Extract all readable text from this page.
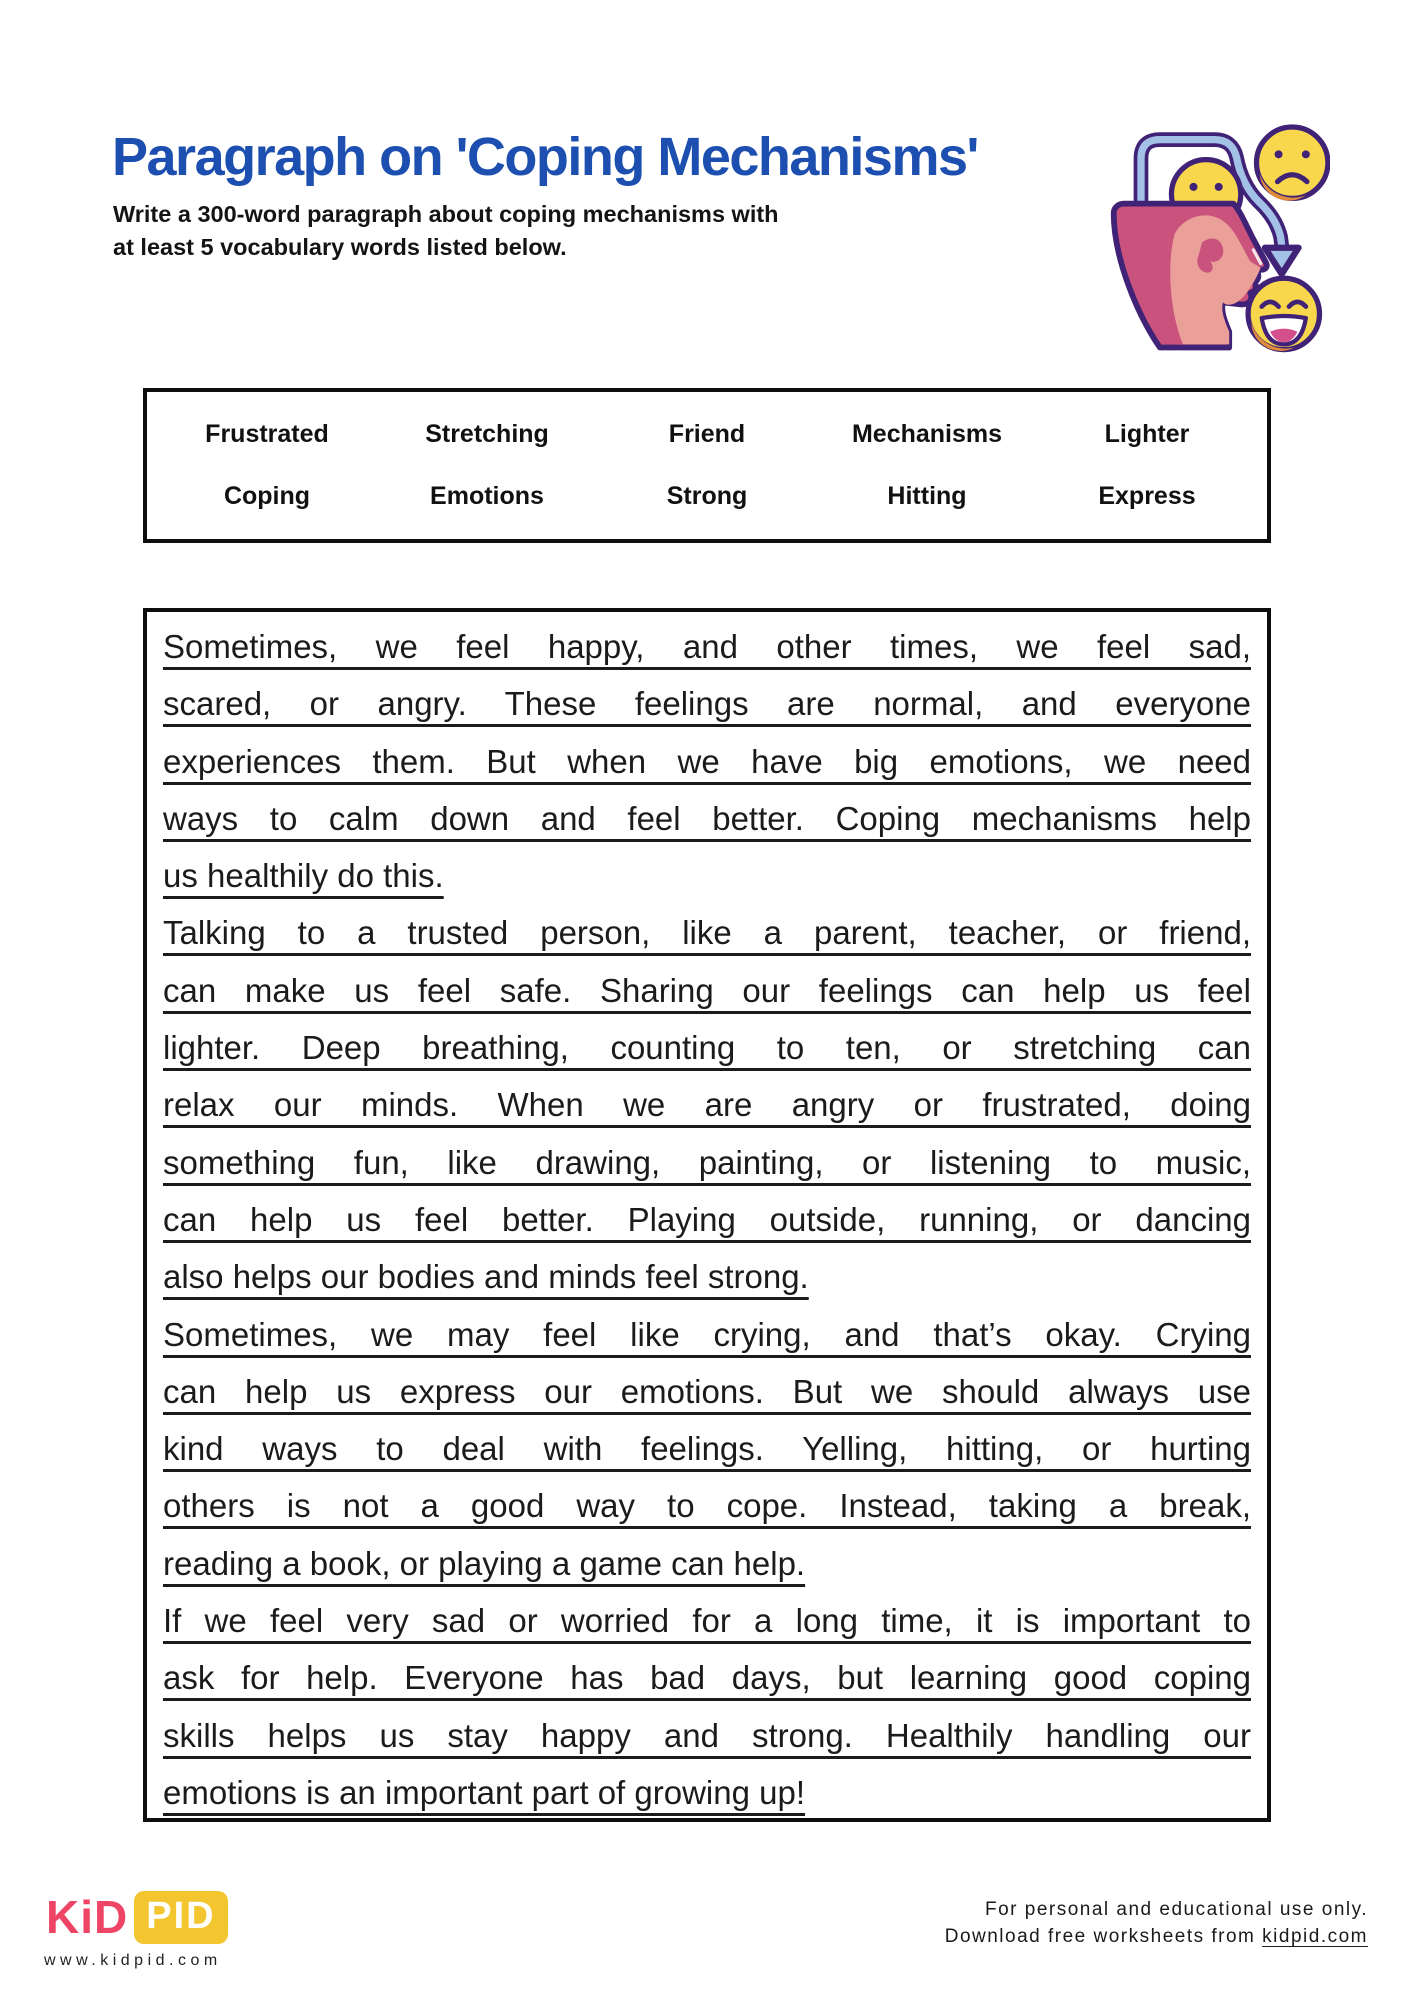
Paragraph on 'Coping Mechanisms'
Write a 300-word paragraph about coping mechanisms with
at least 5 vocabulary words listed below.
Frustrated	Stretching	Friend	Mechanisms	Lighter
Coping	Emotions	Strong	Hitting	Express
Sometimes, we feel happy, and other times, we feel sad,
scared, or angry. These feelings are normal, and everyone
experiences them. But when we have big emotions, we need
ways to calm down and feel better. Coping mechanisms help
us healthily do this.
Talking to a trusted person, like a parent, teacher, or friend,
can make us feel safe. Sharing our feelings can help us feel
lighter. Deep breathing, counting to ten, or stretching can
relax our minds. When we are angry or frustrated, doing
something fun, like drawing, painting, or listening to music,
can help us feel better. Playing outside, running, or dancing
also helps our bodies and minds feel strong.
Sometimes, we may feel like crying, and that’s okay. Crying
can help us express our emotions. But we should always use
kind ways to deal with feelings. Yelling, hitting, or hurting
others is not a good way to cope. Instead, taking a break,
reading a book, or playing a game can help.
If we feel very sad or worried for a long time, it is important to
ask for help. Everyone has bad days, but learning good coping
skills helps us stay happy and strong. Healthily handling our
emotions is an important part of growing up!
KiD PID
www.kidpid.com
For personal and educational use only.
Download free worksheets from kidpid.com
